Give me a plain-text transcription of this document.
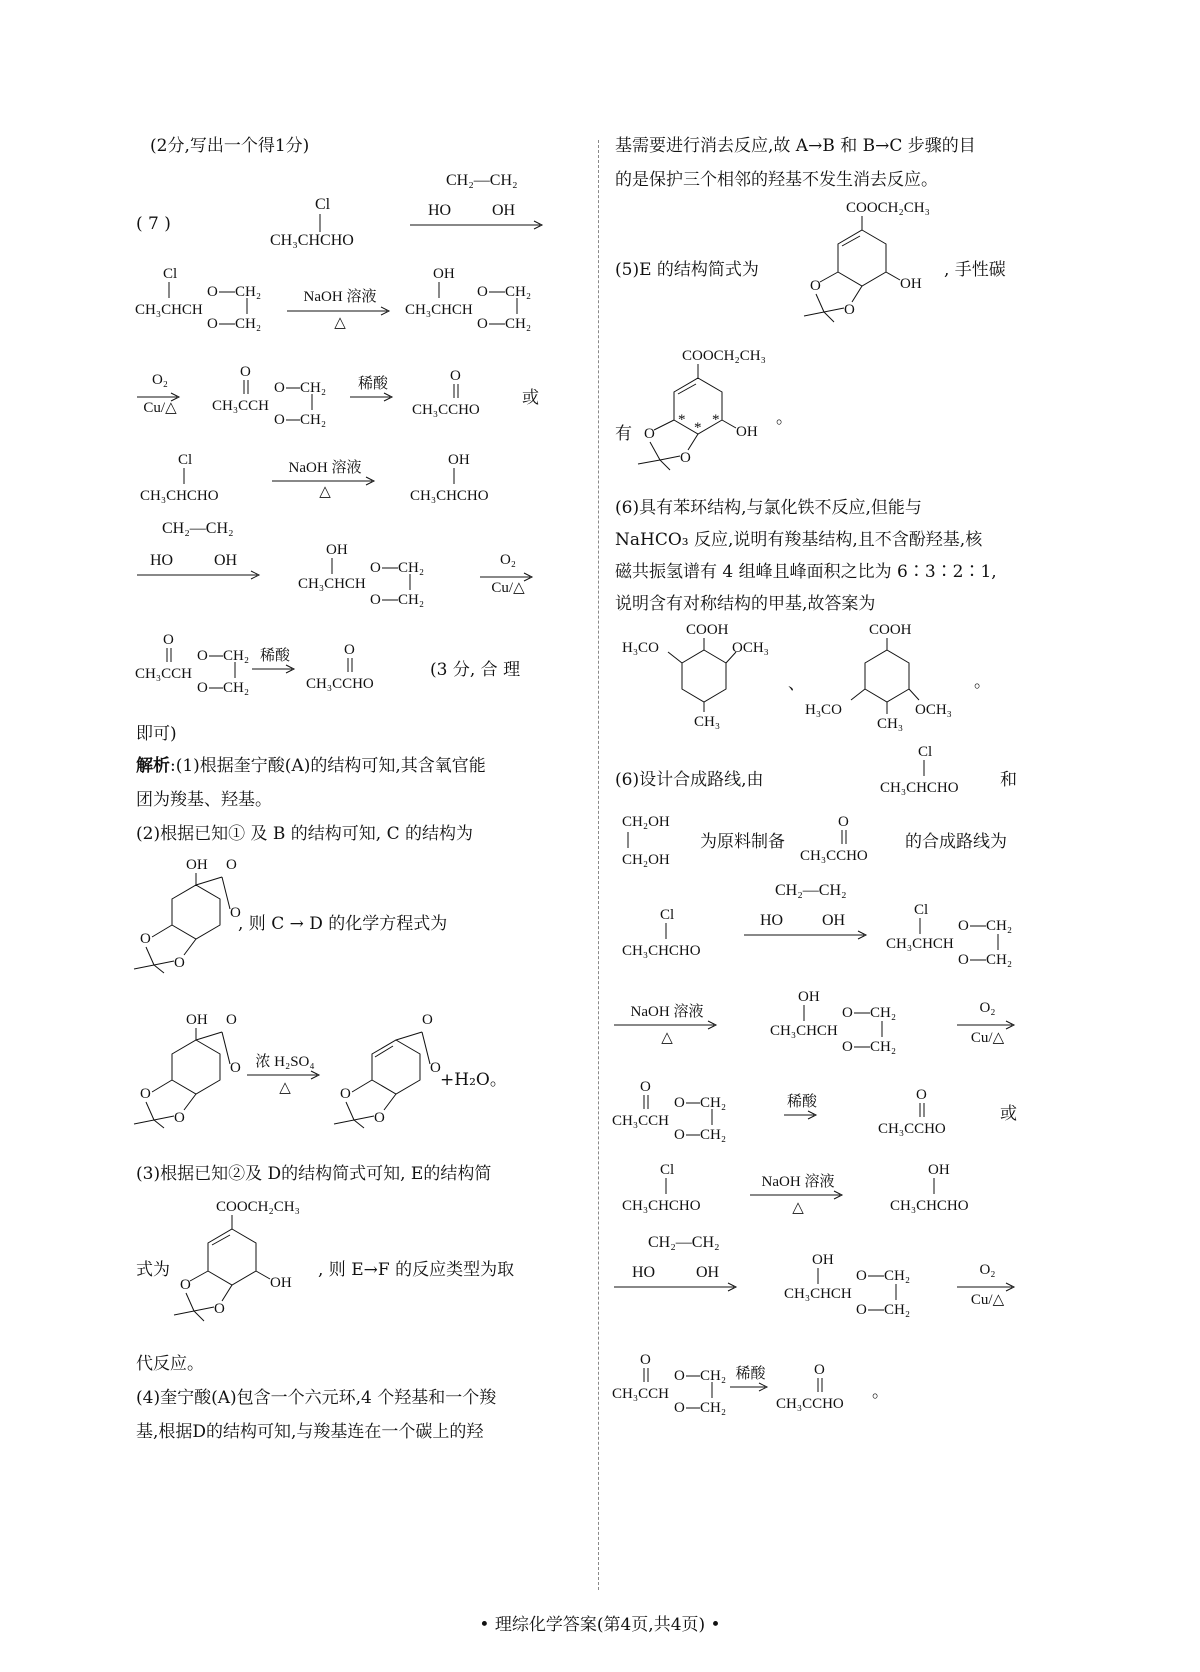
(2分,写出一个得1分)
( 7 )
Cl
CH₃CHCHO
CH₂—CH₂
HO	OH
Cl
CH₃CHCH
O
O
CH₂
CH₂
NaOH 溶液
△
OH
CH₃CHCH
O
O
CH₂
CH₂
O₂
Cu/△
O
CH₃CCH
O
O
CH₂
CH₂
稀酸	O
CH₃CCHO
或
Cl
CH₃CHCHO
NaOH 溶液
△
OH
CH₃CHCHO
CH₂—CH₂
HO	OH
OH
CH₃CHCH
O
O
CH₂
CH₂
O₂
Cu/△
O
CH₃CCH
O
O
CH₂
CH₂
稀酸	O
CH₃CCHO
(3 分, 合 理
即可)
解析:(1)根据奎宁酸(A)的结构可知,其含氧官能
团为羧基、羟基。
(2)根据已知① 及 B 的结构可知, C 的结构为
OH O
O
O
O
, 则 C → D 的化学方程式为
OH O
O
O
O
浓 H₂SO₄
△
O
O
O
O
+H₂O。
(3)根据已知②及 D的结构简式可知, E的结构简
COOCH₂CH₃
OH
O
O
式为	, 则 E→F 的反应类型为取
代反应。
(4)奎宁酸(A)包含一个六元环,4 个羟基和一个羧
基,根据D的结构可知,与羧基连在一个碳上的羟
基需要进行消去反应,故 A→B 和 B→C 步骤的目
的是保护三个相邻的羟基不发生消去反应。
(5)E 的结构简式为
COOCH₂CH₃
OH
O
O
, 手性碳
有
COOCH₂CH₃
* * *
OH
O
O
。
(6)具有苯环结构,与氯化铁不反应,但能与
NaHCO₃ 反应,说明有羧基结构,且不含酚羟基,核
磁共振氢谱有 4 组峰且峰面积之比为 6∶3∶2∶1,
说明含有对称结构的甲基,故答案为
COOH
H₃CO	OCH₃
CH₃
、
COOH
H₃CO	OCH₃
CH₃
。
(6)设计合成路线,由
Cl
CH₃CHCHO 和
CH₂OH
CH₂OH
为原料制备
O
CH₃CCHO
的合成路线为
Cl
CH₃CHCHO
CH₂—CH₂
HO OH
Cl
CH₃CHCH
O
O
CH₂
CH₂
NaOH 溶液
△
OH
CH₃CHCH
O
O
CH₂
CH₂
O₂
Cu/△
O
CH₃CCH
O
O
CH₂
CH₂
稀酸	O
CH₃CCHO
或
Cl
CH₃CHCHO
NaOH 溶液
△
OH
CH₃CHCHO
CH₂—CH₂
HO	OH
OH
CH₃CHCH
O
O
CH₂
CH₂
O₂
Cu/△
O
CH₃CCH
O
O
CH₂
CH₂
稀酸	O
CH₃CCHO
。
• 理综化学答案(第4页,共4页) •
